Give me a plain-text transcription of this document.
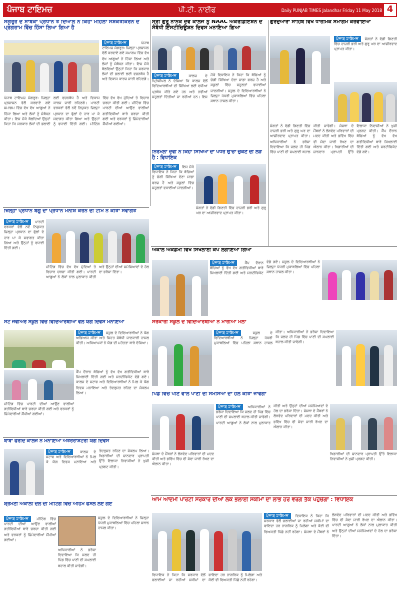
ਪੰਜਾਬ ਟਾਇਮਜ਼	ਪੀ.ਟੀ. ਨਾਈਫ	Daily PUNJAB TIMES Jalandhar Friday 11 May 2018 4
ਸੰਗਰੂਰ ਦੇ ਸਾਬਕਾ ਪ੍ਰਧਾਨ ਤੇ ਦਿਆਲ ਨੇ ਕਿਹਾ ਮਹਿਲਾ ਸਸ਼ਕਤੀਕਰਨ ਦੇ ਪ੍ਰੋਗਰਾਮ ਵਿੱਚ ਹਿੱਸਾ ਲਿਆ ਗਿਆ ਹੈ
ਪੰਜਾਬ ਟਾਇਮਜ਼	ਪੰਜਾਬ ਟਾਇਮਜ਼ ਸੰਗਰੂਰ: ਜ਼ਿਲ੍ਹਾ ਪ੍ਰਸ਼ਾਸਨ ਵੱਲੋਂ ਕਰਵਾਏ ਗਏ ਸਮਾਗਮ ਵਿੱਚ ਵੱਖ ਵੱਖ ਆਗੂਆਂ ਨੇ ਹਿੱਸਾ ਲਿਆ ਅਤੇ ਲੋਕਾਂ ਨੂੰ ਸੰਬੋਧਨ ਕੀਤਾ। ਇਸ ਮੌਕੇ ਬੋਲਦਿਆਂ ਉਨ੍ਹਾਂ ਕਿਹਾ ਕਿ ਸਰਕਾਰ ਲੋਕਾਂ ਦੀ ਭਲਾਈ ਲਈ ਵਚਨਬੱਧ ਹੈ ਅਤੇ ਵਿਕਾਸ ਕਾਰਜ ਜਾਰੀ ਰਹਿਣਗੇ।
ਪੰਜਾਬ ਟਾਇਮਜ਼ ਸੰਗਰੂਰ: ਜ਼ਿਲ੍ਹਾ ਪ੍ਰਸ਼ਾਸਨ ਵੱਲੋਂ ਕਰਵਾਏ ਗਏ ਸਮਾਗਮ ਵਿੱਚ ਵੱਖ ਵੱਖ ਆਗੂਆਂ ਨੇ ਹਿੱਸਾ ਲਿਆ ਅਤੇ ਲੋਕਾਂ ਨੂੰ ਸੰਬੋਧਨ ਕੀਤਾ। ਇਸ ਮੌਕੇ ਬੋਲਦਿਆਂ ਉਨ੍ਹਾਂ ਕਿਹਾ ਕਿ ਸਰਕਾਰ ਲੋਕਾਂ ਦੀ ਭਲਾਈ ਲਈ ਵਚਨਬੱਧ ਹੈ ਅਤੇ ਵਿਕਾਸ ਕਾਰਜ ਜਾਰੀ ਰਹਿਣਗੇ। ਪਾਰਟੀ ਵਰਕਰਾਂ ਵੱਲੋਂ ਨਵੇਂ ਨਿਯੁਕਤ ਜ਼ਿਲ੍ਹਾ ਪ੍ਰਧਾਨ ਦਾ ਫੁੱਲਾਂ ਦੇ ਹਾਰ ਪਾ ਕੇ ਸਵਾਗਤ ਕੀਤਾ ਗਿਆ ਅਤੇ ਉਨ੍ਹਾਂ ਨੂੰ ਵਧਾਈ ਦਿੱਤੀ ਗਈ। ਮੀਟਿੰਗ ਵਿੱਚ ਵੱਖ ਵੱਖ ਮੁੱਦਿਆਂ ਤੇ ਵਿਚਾਰ ਚਰਚਾ ਕੀਤੀ ਗਈ। ਮੀਟਿੰਗ ਵਿੱਚ ਪਾਰਟੀ ਦੀਆਂ ਆਉਣ ਵਾਲੀਆਂ ਗਤੀਵਿਧੀਆਂ ਬਾਰੇ ਚਰਚਾ ਕੀਤੀ ਗਈ ਅਤੇ ਵਰਕਰਾਂ ਨੂੰ ਜ਼ਿੰਮੇਵਾਰੀਆਂ ਸੌਂਪੀਆਂ ਗਈਆਂ।
ਸ੍ਰੀ ਗੁਰੂ ਨਾਨਕ ਦੇਵ ਕਾਲਜ ਨੂੰ NAAC ਐਕਰੀਡੀਏਸ਼ਨ ਦੇ ਸੰਬੰਧੀ ਇੰਸਟੀਚਿਊਸ਼ਨ ਦਿਵਸ ਮਨਾਇਆ ਗਿਆ
ਪੰਜਾਬ ਟਾਇਮਜ਼	ਕਾਲਜ ਦੇ ਪ੍ਰਿੰਸੀਪਲ ਨੇ ਦੱਸਿਆ ਕਿ ਕਾਲਜ ਵੱਲੋਂ ਵਿਦਿਆਰਥੀਆਂ ਦੀ ਸਿੱਖਿਆ ਲਈ ਵਧੀਆ ਪ੍ਰਬੰਧ ਕੀਤੇ ਗਏ ਹਨ ਅਤੇ ਨਵੀਆਂ ਸਹੂਲਤਾਂ ਦਿੱਤੀਆਂ ਜਾ ਰਹੀਆਂ ਹਨ। ਇਸ ਮੌਕੇ ਵਿਧਾਇਕ ਨੇ ਕਿਹਾ ਕਿ ਬੱਚਿਆਂ ਨੂੰ ਚੰਗੀ ਸਿੱਖਿਆ ਦੇਣਾ ਸਾਡਾ ਫਰਜ਼ ਹੈ ਅਤੇ ਸਕੂਲਾਂ ਵਿੱਚ ਸਹੂਲਤਾਂ ਵਧਾਈਆਂ ਜਾਣਗੀਆਂ। ਸਕੂਲ ਦੇ ਵਿਦਿਆਰਥੀਆਂ ਨੇ ਜ਼ਿਲ੍ਹਾ ਪੱਧਰੀ ਮੁਕਾਬਲਿਆਂ ਵਿੱਚ ਪਹਿਲਾ ਸਥਾਨ ਹਾਸਲ ਕੀਤਾ।
ਨਿਰਮਲਾ ਦੇਵੀ ਨੇ ਕਿਹਾ ਸਿੱਖਿਆ ਦਾ ਪੱਧਰ ਉੱਚਾ ਚੁੱਕਣ ਦੀ ਲੋੜ ਹੈ : ਵਿਧਾਇਕ
ਪੰਜਾਬ ਟਾਇਮਜ਼ ਇਸ ਮੌਕੇ ਵਿਧਾਇਕ ਨੇ ਕਿਹਾ ਕਿ ਬੱਚਿਆਂ ਨੂੰ ਚੰਗੀ ਸਿੱਖਿਆ ਦੇਣਾ ਸਾਡਾ ਫਰਜ਼ ਹੈ ਅਤੇ ਸਕੂਲਾਂ ਵਿੱਚ ਸਹੂਲਤਾਂ ਵਧਾਈਆਂ ਜਾਣਗੀਆਂ।
ਸੰਗਤਾਂ ਨੇ ਵੱਡੀ ਗਿਣਤੀ ਵਿੱਚ ਹਾਜ਼ਰੀ ਭਰੀ ਅਤੇ ਗੁਰੂ ਘਰ ਦਾ ਆਸ਼ੀਰਵਾਦ ਪ੍ਰਾਪਤ ਕੀਤਾ।
ਗੁਰਦੁਆਰਾ ਸਾਹਿਬ ਵਿਖੇ ਧਾਰਮਿਕ ਸਮਾਗਮ ਕਰਵਾਇਆ
ਪੰਜਾਬ ਟਾਇਮਜ਼ ਸੰਗਤਾਂ ਨੇ ਵੱਡੀ ਗਿਣਤੀ ਵਿੱਚ ਹਾਜ਼ਰੀ ਭਰੀ ਅਤੇ ਗੁਰੂ ਘਰ ਦਾ ਆਸ਼ੀਰਵਾਦ ਪ੍ਰਾਪਤ ਕੀਤਾ।
ਸੰਗਤਾਂ ਨੇ ਵੱਡੀ ਗਿਣਤੀ ਵਿੱਚ ਹਾਜ਼ਰੀ ਭਰੀ ਅਤੇ ਗੁਰੂ ਘਰ ਦਾ ਆਸ਼ੀਰਵਾਦ ਪ੍ਰਾਪਤ ਕੀਤਾ। ਅਧਿਕਾਰੀਆਂ ਨੇ ਭਰੋਸਾ ਦਿਵਾਇਆ ਕਿ ਜਲਦ ਹੀ ਪਿੰਡ ਵਿੱਚ ਪਾਣੀ ਦੀ ਸਪਲਾਈ ਬਹਾਲ ਕੀਤੀ ਜਾਵੇਗੀ। ਸੰਸਥਾ ਦੇ ਮੈਂਬਰਾਂ ਨੇ ਲੋੜਵੰਦ ਪਰਿਵਾਰਾਂ ਦੀ ਮਦਦ ਕੀਤੀ ਅਤੇ ਭਵਿੱਖ ਵਿੱਚ ਵੀ ਸੇਵਾ ਜਾਰੀ ਰੱਖਣ ਦਾ ਐਲਾਨ ਕੀਤਾ। ਖਿਡਾਰੀਆਂ ਦੀ ਸ਼ਾਨਦਾਰ ਪ੍ਰਾਪਤੀ ਉੱਤੇ ਇਲਾਕਾ ਨਿਵਾਸੀਆਂ ਨੇ ਖੁਸ਼ੀ ਪ੍ਰਗਟ ਕੀਤੀ। ਕੈਂਪ ਦੌਰਾਨ ਬੱਚਿਆਂ ਨੂੰ ਵੱਖ ਵੱਖ ਗਤੀਵਿਧੀਆਂ ਬਾਰੇ ਸਿਖਲਾਈ ਦਿੱਤੀ ਗਈ ਅਤੇ ਸਰਟੀਫਿਕੇਟ ਵੰਡੇ ਗਏ।
ਜ਼ਿਲ੍ਹਾ ਪ੍ਰਧਾਨ ਬੰਗੂ ਦਾ ਪ੍ਰਧਾਨ ਮਨੀਸ਼ ਕਰਨ ਦੀ ਟੀਮ ਨੇ ਕੀਤਾ ਸਵਾਗਤ
ਪੰਜਾਬ ਟਾਇਮਜ਼ ਪਾਰਟੀ ਵਰਕਰਾਂ ਵੱਲੋਂ ਨਵੇਂ ਨਿਯੁਕਤ ਜ਼ਿਲ੍ਹਾ ਪ੍ਰਧਾਨ ਦਾ ਫੁੱਲਾਂ ਦੇ ਹਾਰ ਪਾ ਕੇ ਸਵਾਗਤ ਕੀਤਾ ਗਿਆ ਅਤੇ ਉਨ੍ਹਾਂ ਨੂੰ ਵਧਾਈ ਦਿੱਤੀ ਗਈ।
ਮੀਟਿੰਗ ਵਿੱਚ ਵੱਖ ਵੱਖ ਮੁੱਦਿਆਂ ਤੇ ਵਿਚਾਰ ਚਰਚਾ ਕੀਤੀ ਗਈ। ਪਾਰਟੀ ਆਗੂਆਂ ਨੇ ਲੋਕਾਂ ਨਾਲ ਮੁਲਾਕਾਤ ਕੀਤੀ ਅਤੇ ਉਨ੍ਹਾਂ ਦੀਆਂ ਸਮੱਸਿਆਵਾਂ ਦੇ ਹੱਲ ਦਾ ਭਰੋਸਾ ਦਿੱਤਾ।
ਸੈਂਟ ਜੇਵੀਅਰ ਸਕੂਲ ਵਿੱਚ ਵਿਦਿਆਰਥੀਆਂ ਵੱਲੋਂ ਯੋਗ ਦਿਵਸ ਮਨਾਇਆ
ਪੰਜਾਬ ਟਾਇਮਜ਼ ਸਕੂਲ ਦੇ ਵਿਦਿਆਰਥੀਆਂ ਨੇ ਯੋਗ ਅਭਿਆਸ ਕੀਤਾ ਅਤੇ ਸਿਹਤ ਸੰਬੰਧੀ ਜਾਣਕਾਰੀ ਹਾਸਲ ਕੀਤੀ। ਅਧਿਆਪਕਾਂ ਨੇ ਯੋਗ ਦੀ ਮਹੱਤਤਾ ਬਾਰੇ ਦੱਸਿਆ।
ਕੈਂਪ ਦੌਰਾਨ ਬੱਚਿਆਂ ਨੂੰ ਵੱਖ ਵੱਖ ਗਤੀਵਿਧੀਆਂ ਬਾਰੇ ਸਿਖਲਾਈ ਦਿੱਤੀ ਗਈ ਅਤੇ ਸਰਟੀਫਿਕੇਟ ਵੰਡੇ ਗਏ। ਕਾਲਜ ਦੇ ਸਟਾਫ ਅਤੇ ਵਿਦਿਆਰਥੀਆਂ ਨੇ ਮਿਲ ਕੇ ਯੋਗ ਦਿਵਸ ਮਨਾਇਆ ਅਤੇ ਤੰਦਰੁਸਤ ਰਹਿਣ ਦਾ ਸੰਕਲਪ ਲਿਆ।
ਮੀਟਿੰਗ ਵਿੱਚ ਪਾਰਟੀ ਦੀਆਂ ਆਉਣ ਵਾਲੀਆਂ ਗਤੀਵਿਧੀਆਂ ਬਾਰੇ ਚਰਚਾ ਕੀਤੀ ਗਈ ਅਤੇ ਵਰਕਰਾਂ ਨੂੰ ਜ਼ਿੰਮੇਵਾਰੀਆਂ ਸੌਂਪੀਆਂ ਗਈਆਂ।
ਬਾਬਾ ਫਰੀਦ ਕਾਲਜ ਨੇ ਮਨਾਇਆ ਅੰਤਰਰਾਸ਼ਟਰੀ ਯੋਗ ਦਿਵਸ
ਪੰਜਾਬ ਟਾਇਮਜ਼	ਕਾਲਜ ਦੇ ਸਟਾਫ ਅਤੇ ਵਿਦਿਆਰਥੀਆਂ ਨੇ ਮਿਲ ਕੇ ਯੋਗ ਦਿਵਸ ਮਨਾਇਆ ਅਤੇ ਤੰਦਰੁਸਤ ਰਹਿਣ ਦਾ ਸੰਕਲਪ ਲਿਆ। ਖਿਡਾਰੀਆਂ ਦੀ ਸ਼ਾਨਦਾਰ ਪ੍ਰਾਪਤੀ ਉੱਤੇ ਇਲਾਕਾ ਨਿਵਾਸੀਆਂ ਨੇ ਖੁਸ਼ੀ ਪ੍ਰਗਟ ਕੀਤੀ।
ਸ਼੍ਰੋਮਣੀ ਅਕਾਲੀ ਦਲ ਦੀ ਮੀਟਿੰਗ ਵਿੱਚ ਅਹਿਮ ਫੈਸਲੇ ਲਏ ਗਏ
ਪੰਜਾਬ ਟਾਇਮਜ਼ ਮੀਟਿੰਗ ਵਿੱਚ ਪਾਰਟੀ ਦੀਆਂ ਆਉਣ ਵਾਲੀਆਂ ਗਤੀਵਿਧੀਆਂ ਬਾਰੇ ਚਰਚਾ ਕੀਤੀ ਗਈ ਅਤੇ ਵਰਕਰਾਂ ਨੂੰ ਜ਼ਿੰਮੇਵਾਰੀਆਂ ਸੌਂਪੀਆਂ ਗਈਆਂ।
ਸਕੂਲ ਦੇ ਵਿਦਿਆਰਥੀਆਂ ਨੇ ਜ਼ਿਲ੍ਹਾ ਪੱਧਰੀ ਮੁਕਾਬਲਿਆਂ ਵਿੱਚ ਪਹਿਲਾ ਸਥਾਨ ਹਾਸਲ ਕੀਤਾ।
ਅਧਿਕਾਰੀਆਂ ਨੇ ਭਰੋਸਾ ਦਿਵਾਇਆ ਕਿ ਜਲਦ ਹੀ ਪਿੰਡ ਵਿੱਚ ਪਾਣੀ ਦੀ ਸਪਲਾਈ ਬਹਾਲ ਕੀਤੀ ਜਾਵੇਗੀ।
ਅਕਾਲ ਅਕੈਡਮੀ ਵਿਖੇ ਸਿਖਲਾਈ ਕੈਂਪ ਲਗਾਇਆ ਗਿਆ
ਪੰਜਾਬ ਟਾਇਮਜ਼	ਕੈਂਪ ਦੌਰਾਨ ਬੱਚਿਆਂ ਨੂੰ ਵੱਖ ਵੱਖ ਗਤੀਵਿਧੀਆਂ ਬਾਰੇ ਸਿਖਲਾਈ ਦਿੱਤੀ ਗਈ ਅਤੇ ਸਰਟੀਫਿਕੇਟ ਵੰਡੇ ਗਏ। ਸਕੂਲ ਦੇ ਵਿਦਿਆਰਥੀਆਂ ਨੇ ਜ਼ਿਲ੍ਹਾ ਪੱਧਰੀ ਮੁਕਾਬਲਿਆਂ ਵਿੱਚ ਪਹਿਲਾ ਸਥਾਨ ਹਾਸਲ ਕੀਤਾ।
ਸਰਕਾਰੀ ਸਕੂਲ ਦੇ ਵਿਦਿਆਰਥੀਆਂ ਨੇ ਮਾਰੀਆਂ ਮੱਲਾਂ
ਪੰਜਾਬ ਟਾਇਮਜ਼	ਸਕੂਲ ਦੇ ਵਿਦਿਆਰਥੀਆਂ ਨੇ ਜ਼ਿਲ੍ਹਾ ਪੱਧਰੀ ਮੁਕਾਬਲਿਆਂ ਵਿੱਚ ਪਹਿਲਾ ਸਥਾਨ ਹਾਸਲ ਕੀਤਾ। ਅਧਿਕਾਰੀਆਂ ਨੇ ਭਰੋਸਾ ਦਿਵਾਇਆ ਕਿ ਜਲਦ ਹੀ ਪਿੰਡ ਵਿੱਚ ਪਾਣੀ ਦੀ ਸਪਲਾਈ ਬਹਾਲ ਕੀਤੀ ਜਾਵੇਗੀ।
ਪਿੰਡ ਵਿੱਚ ਪੀਣ ਵਾਲੇ ਪਾਣੀ ਦੀ ਸਮੱਸਿਆ ਦਾ ਹੱਲ ਕੀਤਾ ਜਾਵੇਗਾ
ਪੰਜਾਬ ਟਾਇਮਜ਼ ਅਧਿਕਾਰੀਆਂ ਨੇ ਭਰੋਸਾ ਦਿਵਾਇਆ ਕਿ ਜਲਦ ਹੀ ਪਿੰਡ ਵਿੱਚ ਪਾਣੀ ਦੀ ਸਪਲਾਈ ਬਹਾਲ ਕੀਤੀ ਜਾਵੇਗੀ। ਪਾਰਟੀ ਆਗੂਆਂ ਨੇ ਲੋਕਾਂ ਨਾਲ ਮੁਲਾਕਾਤ ਕੀਤੀ ਅਤੇ ਉਨ੍ਹਾਂ ਦੀਆਂ ਸਮੱਸਿਆਵਾਂ ਦੇ ਹੱਲ ਦਾ ਭਰੋਸਾ ਦਿੱਤਾ। ਸੰਸਥਾ ਦੇ ਮੈਂਬਰਾਂ ਨੇ ਲੋੜਵੰਦ ਪਰਿਵਾਰਾਂ ਦੀ ਮਦਦ ਕੀਤੀ ਅਤੇ ਭਵਿੱਖ ਵਿੱਚ ਵੀ ਸੇਵਾ ਜਾਰੀ ਰੱਖਣ ਦਾ ਐਲਾਨ ਕੀਤਾ।
ਸੰਸਥਾ ਦੇ ਮੈਂਬਰਾਂ ਨੇ ਲੋੜਵੰਦ ਪਰਿਵਾਰਾਂ ਦੀ ਮਦਦ ਕੀਤੀ ਅਤੇ ਭਵਿੱਖ ਵਿੱਚ ਵੀ ਸੇਵਾ ਜਾਰੀ ਰੱਖਣ ਦਾ ਐਲਾਨ ਕੀਤਾ।
ਖਿਡਾਰੀਆਂ ਦੀ ਸ਼ਾਨਦਾਰ ਪ੍ਰਾਪਤੀ ਉੱਤੇ ਇਲਾਕਾ ਨਿਵਾਸੀਆਂ ਨੇ ਖੁਸ਼ੀ ਪ੍ਰਗਟ ਕੀਤੀ।
ਆਮ ਆਦਮੀ ਪਾਰਟੀ ਸਰਕਾਰ ਦੀਆਂ ਲੋਕ ਭਲਾਈ ਸਕੀਮਾਂ ਦਾ ਲਾਭ ਹਰ ਵਰਗ ਤੱਕ ਪਹੁੰਚੇਗਾ : ਵਿਧਾਇਕ
ਪੰਜਾਬ ਟਾਇਮਜ਼ ਵਿਧਾਇਕ ਨੇ ਕਿਹਾ ਕਿ ਸਰਕਾਰ ਵੱਲੋਂ ਚਲਾਈਆਂ ਜਾ ਰਹੀਆਂ ਸਕੀਮਾਂ ਦਾ ਫਾਇਦਾ ਹਰ ਨਾਗਰਿਕ ਨੂੰ ਮਿਲੇਗਾ ਅਤੇ ਕੋਈ ਵੀ ਵਿਅਕਤੀ ਪਿੱਛੇ ਨਹੀਂ ਰਹੇਗਾ। ਸੰਸਥਾ ਦੇ ਮੈਂਬਰਾਂ ਨੇ ਲੋੜਵੰਦ ਪਰਿਵਾਰਾਂ ਦੀ ਮਦਦ ਕੀਤੀ ਅਤੇ ਭਵਿੱਖ ਵਿੱਚ ਵੀ ਸੇਵਾ ਜਾਰੀ ਰੱਖਣ ਦਾ ਐਲਾਨ ਕੀਤਾ। ਪਾਰਟੀ ਆਗੂਆਂ ਨੇ ਲੋਕਾਂ ਨਾਲ ਮੁਲਾਕਾਤ ਕੀਤੀ ਅਤੇ ਉਨ੍ਹਾਂ ਦੀਆਂ ਸਮੱਸਿਆਵਾਂ ਦੇ ਹੱਲ ਦਾ ਭਰੋਸਾ ਦਿੱਤਾ।
ਵਿਧਾਇਕ ਨੇ ਕਿਹਾ ਕਿ ਸਰਕਾਰ ਵੱਲੋਂ ਚਲਾਈਆਂ ਜਾ ਰਹੀਆਂ ਸਕੀਮਾਂ ਦਾ ਫਾਇਦਾ ਹਰ ਨਾਗਰਿਕ ਨੂੰ ਮਿਲੇਗਾ ਅਤੇ ਕੋਈ ਵੀ ਵਿਅਕਤੀ ਪਿੱਛੇ ਨਹੀਂ ਰਹੇਗਾ।
